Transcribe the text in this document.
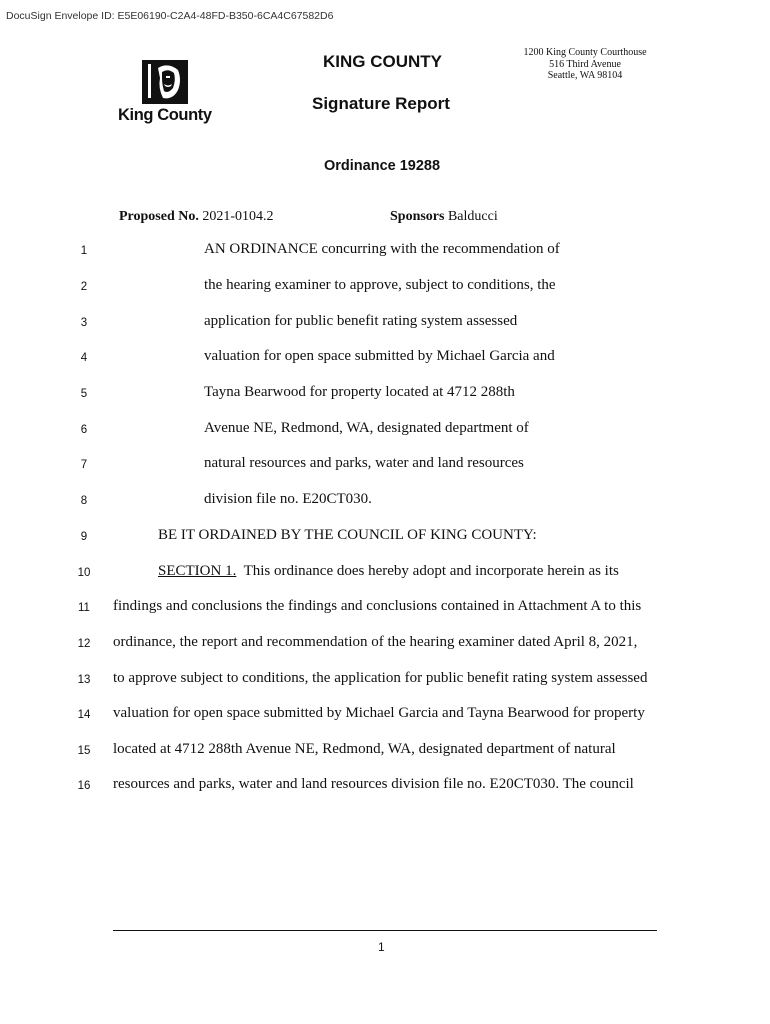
DocuSign Envelope ID: E5E06190-C2A4-48FD-B350-6CA4C67582D6
King County
KING COUNTY	1200 King County Courthouse
516 Third Avenue
Seattle, WA 98104
Signature Report
Ordinance 19288
Proposed No. 2021-0104.2	Sponsors Balducci
1	AN ORDINANCE concurring with the recommendation of
2	the hearing examiner to approve, subject to conditions, the
3	application for public benefit rating system assessed
4	valuation for open space submitted by Michael Garcia and
5	Tayna Bearwood for property located at 4712 288th
6	Avenue NE, Redmond, WA, designated department of
7	natural resources and parks, water and land resources
8	division file no. E20CT030.
9	BE IT ORDAINED BY THE COUNCIL OF KING COUNTY:
10	SECTION 1.  This ordinance does hereby adopt and incorporate herein as its
11	findings and conclusions the findings and conclusions contained in Attachment A to this
12	ordinance, the report and recommendation of the hearing examiner dated April 8, 2021,
13	to approve subject to conditions, the application for public benefit rating system assessed
14	valuation for open space submitted by Michael Garcia and Tayna Bearwood for property
15	located at 4712 288th Avenue NE, Redmond, WA, designated department of natural
16	resources and parks, water and land resources division file no. E20CT030. The council
1
